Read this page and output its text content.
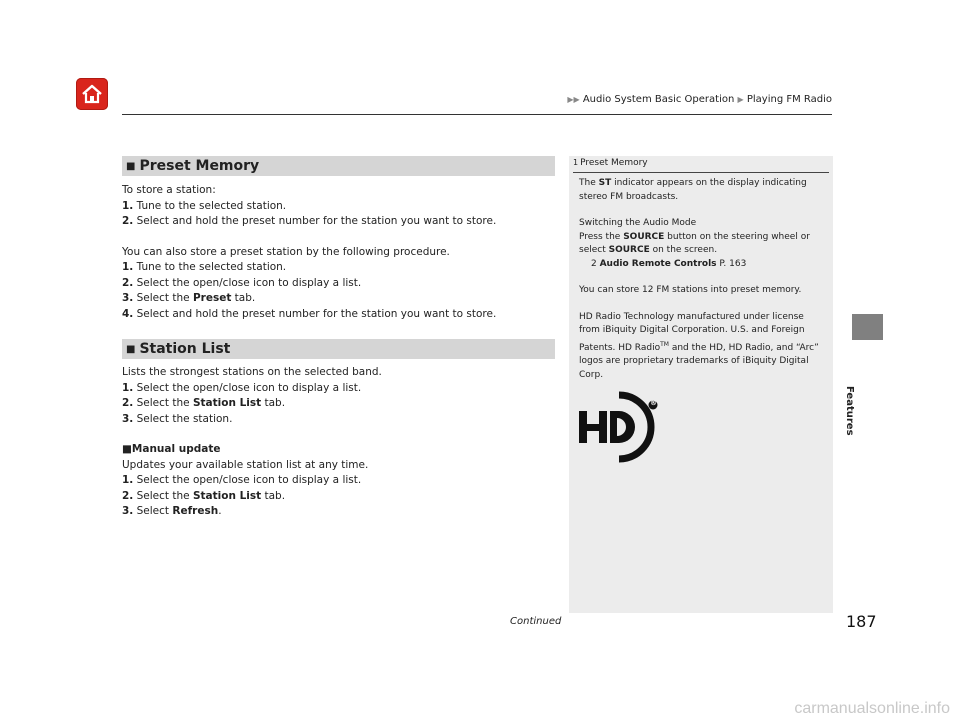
▶▶ Audio System Basic Operation ▶ Playing FM Radio
Features
■ Preset Memory

To store a station:

1. Tune to the selected station.

2. Select and hold the preset number for the station you want to store.

You can also store a preset station by the following procedure.

1. Tune to the selected station.

2. Select the open/close icon to display a list.

3. Select the Preset tab.

4. Select and hold the preset number for the station you want to store.

■ Station List

Lists the strongest stations on the selected band.

1. Select the open/close icon to display a list.

2. Select the Station List tab.

3. Select the station.

■Manual update

Updates your available station list at any time.

1. Select the open/close icon to display a list.

2. Select the Station List tab.

3. Select Refresh.

1 Preset Memory

The ST indicator appears on the display indicating stereo FM broadcasts.

Switching the Audio Mode

Press the SOURCE button on the steering wheel or select SOURCE on the screen.

2 Audio Remote Controls P. 163

You can store 12 FM stations into preset memory.

HD Radio Technology manufactured under license from iBiquity Digital Corporation. U.S. and Foreign Patents. HD Radio™ and the HD, HD Radio, and “Arc” logos are proprietary trademarks of iBiquity Digital Corp.

®
Continued	187
carmanualsonline.info
